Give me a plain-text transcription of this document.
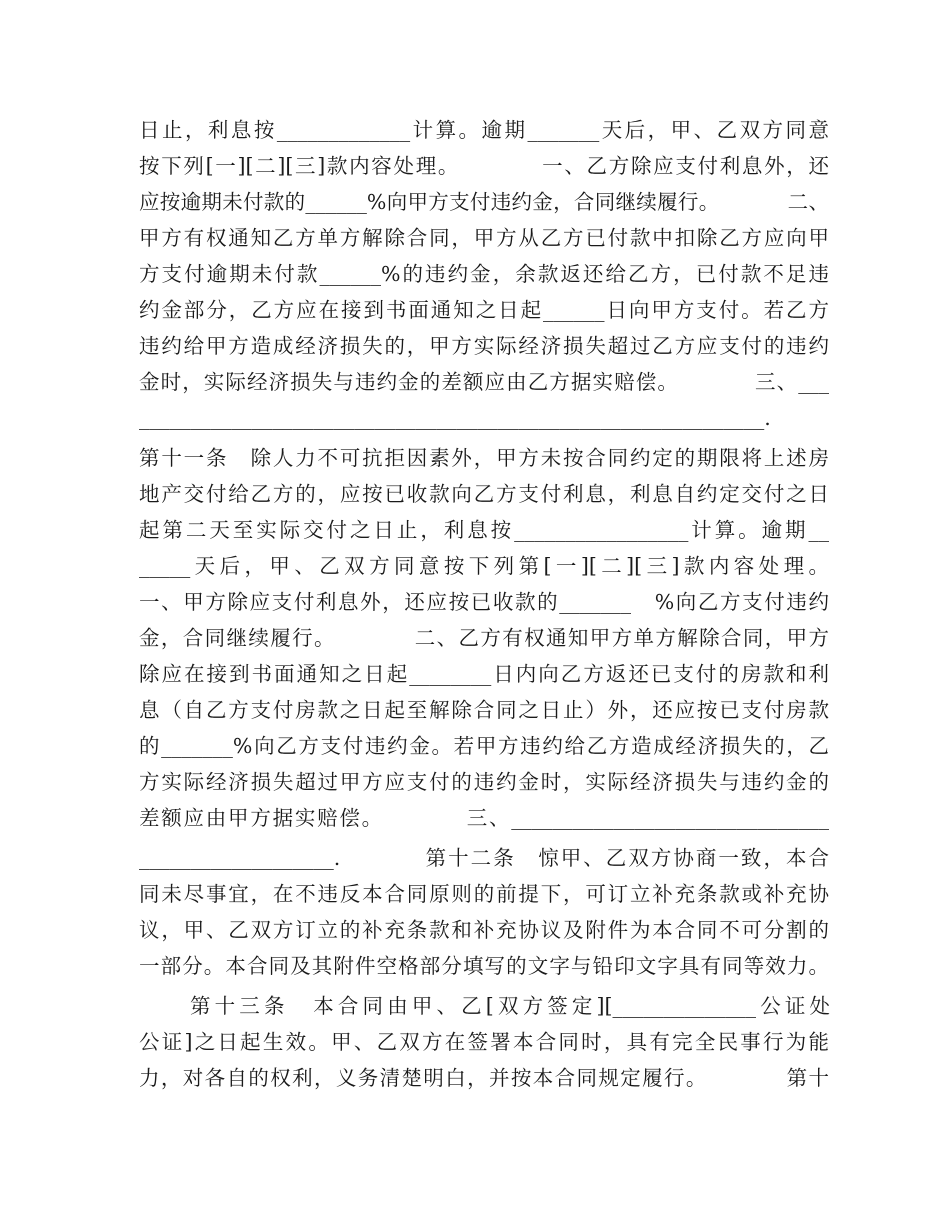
日止，利息按_____________计算。逾期_______天后，甲、乙双方同意
按下列[一][二][三]款内容处理。          一、乙方除应支付利息外，还
应按逾期未付款的______%向甲方支付违约金，合同继续履行。          二、
甲方有权通知乙方单方解除合同，甲方从乙方已付款中扣除乙方应向甲
方支付逾期未付款______%的违约金，余款返还给乙方，已付款不足违
约金部分，乙方应在接到书面通知之日起______日向甲方支付。若乙方
违约给甲方造成经济损失的，甲方实际经济损失超过乙方应支付的违约
金时，实际经济损失与违约金的差额应由乙方据实赔偿。          三、___
_____________________________________________________________.
第十一条　除人力不可抗拒因素外，甲方未按合同约定的期限将上述房
地产交付给乙方的，应按已收款向乙方支付利息，利息自约定交付之日
起第二天至实际交付之日止，利息按_________________计算。逾期__
_____天后，甲、乙双方同意按下列第[一][二][三]款内容处理。
一、甲方除应支付利息外，还应按已收款的_______　%向乙方支付违约
金，合同继续履行。          二、乙方有权通知甲方单方解除合同，甲方
除应在接到书面通知之日起________日内向乙方返还已支付的房款和利
息（自乙方支付房款之日起至解除合同之日止）外，还应按已支付房款
的_______%向乙方支付违约金。若甲方违约给乙方造成经济损失的，乙
方实际经济损失超过甲方应支付的违约金时，实际经济损失与违约金的
差额应由甲方据实赔偿。          三、_______________________________
___________________.          第十二条　惊甲、乙双方协商一致，本合
同未尽事宜，在不违反本合同原则的前提下，可订立补充条款或补充协
议，甲、乙双方订立的补充条款和补充协议及附件为本合同不可分割的
一部分。本合同及其附件空格部分填写的文字与铅印文字具有同等效力。
第十三条　本合同由甲、乙[双方签定][______________公证处
公证]之日起生效。甲、乙双方在签署本合同时，具有完全民事行为能
力，对各自的权利，义务清楚明白，并按本合同规定履行。          第十
